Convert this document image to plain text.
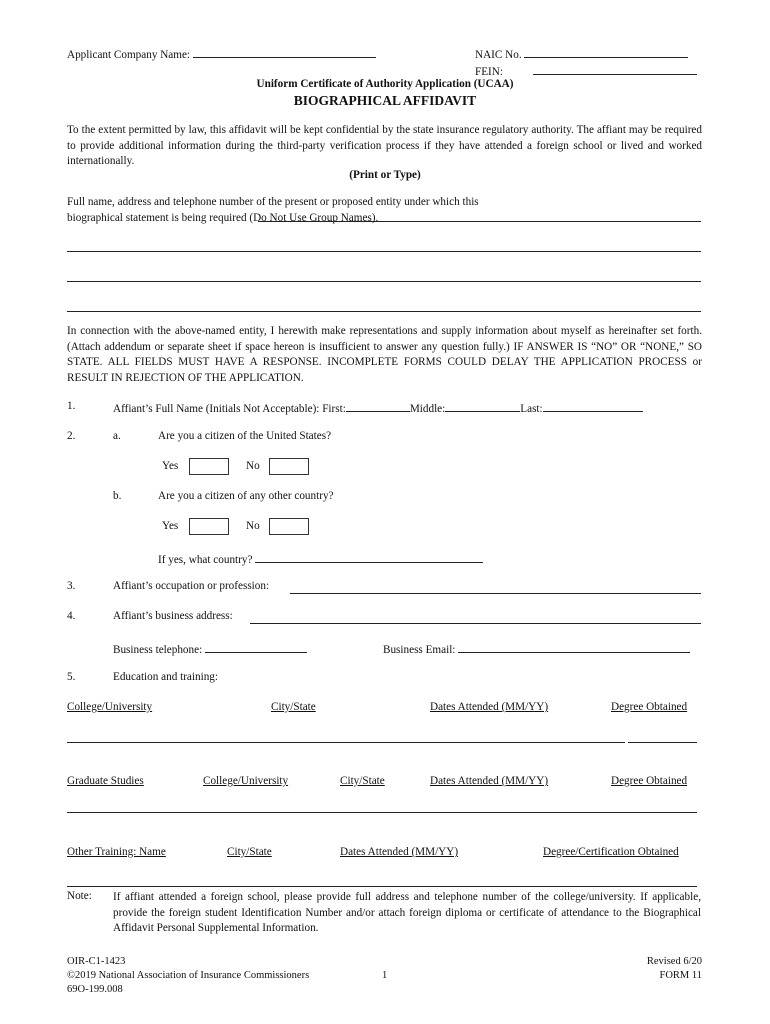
Applicant Company Name:	NAIC No.
FEIN:
Uniform Certificate of Authority Application (UCAA)
BIOGRAPHICAL AFFIDAVIT
To the extent permitted by law, this affidavit will be kept confidential by the state insurance regulatory authority. The affiant may be required to provide additional information during the third-party verification process if they have attended a foreign school or lived and worked internationally.
(Print or Type)
Full name, address and telephone number of the present or proposed entity under which this biographical statement is being required (Do Not Use Group Names).
In connection with the above-named entity, I herewith make representations and supply information about myself as hereinafter set forth. (Attach addendum or separate sheet if space hereon is insufficient to answer any question fully.) IF ANSWER IS “NO” OR “NONE,” SO STATE. ALL FIELDS MUST HAVE A RESPONSE. INCOMPLETE FORMS COULD DELAY THE APPLICATION PROCESS or RESULT IN REJECTION OF THE APPLICATION.
1.	Affiant’s Full Name (Initials Not Acceptable): First:	Middle:	Last:
2.	a.	Are you a citizen of the United States?
Yes	No
b.	Are you a citizen of any other country?
Yes	No
If yes, what country?
3.	Affiant’s occupation or profession:
4.	Affiant’s business address:
Business telephone:	Business Email:
5.	Education and training:
College/University	City/State	Dates Attended (MM/YY)	Degree Obtained
Graduate Studies	College/University	City/State	Dates Attended (MM/YY)	Degree Obtained
Other Training: Name	City/State	Dates Attended (MM/YY)	Degree/Certification Obtained
Note: If affiant attended a foreign school, please provide full address and telephone number of the college/university. If applicable, provide the foreign student Identification Number and/or attach foreign diploma or certificate of attendance to the Biographical Affidavit Personal Supplemental Information.
OIR-C1-1423
©2019 National Association of Insurance Commissioners
69O-199.008
1
Revised 6/20
FORM 11
